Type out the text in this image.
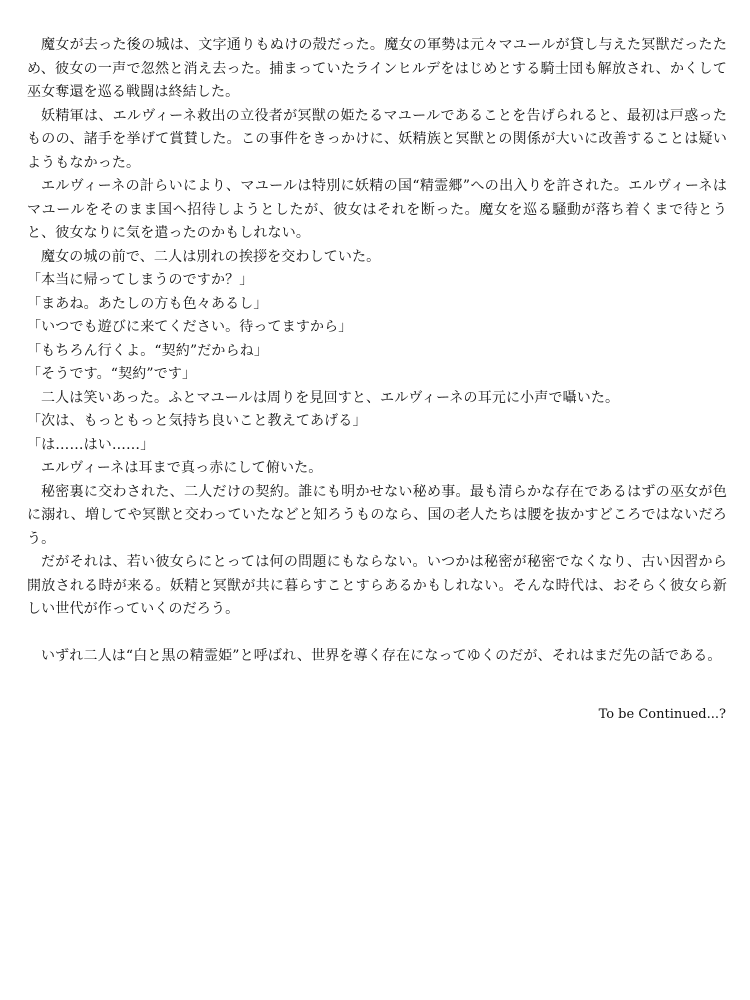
魔女が去った後の城は、文字通りもぬけの殻だった。魔女の軍勢は元々マユールが貸し与えた冥獣だったため、彼女の一声で忽然と消え去った。捕まっていたラインヒルデをはじめとする騎士団も解放され、かくして巫女奪還を巡る戦闘は終結した。

妖精軍は、エルヴィーネ救出の立役者が冥獣の姫たるマユールであることを告げられると、最初は戸惑ったものの、諸手を挙げて賞賛した。この事件をきっかけに、妖精族と冥獣との関係が大いに改善することは疑いようもなかった。

エルヴィーネの計らいにより、マユールは特別に妖精の国“精霊郷”への出入りを許された。エルヴィーネはマユールをそのまま国へ招待しようとしたが、彼女はそれを断った。魔女を巡る騒動が落ち着くまで待とうと、彼女なりに気を遣ったのかもしれない。

魔女の城の前で、二人は別れの挨拶を交わしていた。

「本当に帰ってしまうのですか？」

「まあね。あたしの方も色々あるし」

「いつでも遊びに来てください。待ってますから」

「もちろん行くよ。“契約”だからね」

「そうです。“契約”です」

二人は笑いあった。ふとマユールは周りを見回すと、エルヴィーネの耳元に小声で囁いた。

「次は、もっともっと気持ち良いこと教えてあげる」

「は……はい……」

エルヴィーネは耳まで真っ赤にして俯いた。

秘密裏に交わされた、二人だけの契約。誰にも明かせない秘め事。最も清らかな存在であるはずの巫女が色に溺れ、増してや冥獣と交わっていたなどと知ろうものなら、国の老人たちは腰を抜かすどころではないだろう。

だがそれは、若い彼女らにとっては何の問題にもならない。いつかは秘密が秘密でなくなり、古い因習から開放される時が来る。妖精と冥獣が共に暮らすことすらあるかもしれない。そんな時代は、おそらく彼女ら新しい世代が作っていくのだろう。

いずれ二人は“白と黒の精霊姫”と呼ばれ、世界を導く存在になってゆくのだが、それはまだ先の話である。

To be Continued...?
